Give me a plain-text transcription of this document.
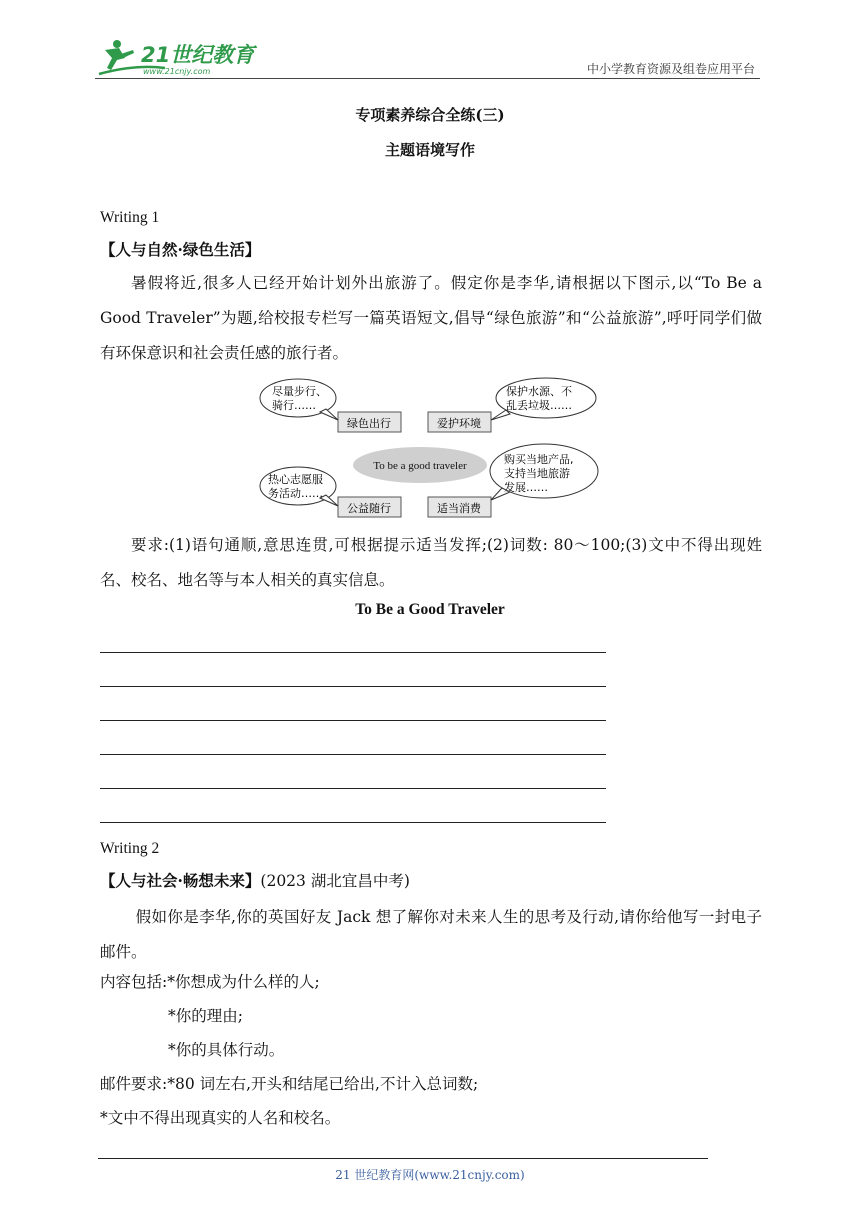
21世纪教育
www.21cnjy.com	中小学教育资源及组卷应用平台
专项素养综合全练(三)
主题语境写作
Writing 1
【人与自然·绿色生活】
暑假将近,很多人已经开始计划外出旅游了。假定你是李华,请根据以下图示,以“To Be a Good Traveler”为题,给校报专栏写一篇英语短文,倡导“绿色旅游”和“公益旅游”,呼吁同学们做有环保意识和社会责任感的旅行者。
To be a good traveler
绿色出行	爱护环境
公益随行	适当消费
尽量步行、
骑行……
保护水源、不
乱丢垃圾……
热心志愿服
务活动……
购买当地产品,
支持当地旅游
发展……
要求:(1)语句通顺,意思连贯,可根据提示适当发挥;(2)词数: 80～100;(3)文中不得出现姓名、校名、地名等与本人相关的真实信息。
To Be a Good Traveler
Writing 2
【人与社会·畅想未来】(2023 湖北宜昌中考)
假如你是李华,你的英国好友 Jack 想了解你对未来人生的思考及行动,请你给他写一封电子邮件。
内容包括:*你想成为什么样的人;
*你的理由;
*你的具体行动。
邮件要求:*80 词左右,开头和结尾已给出,不计入总词数;
*文中不得出现真实的人名和校名。
21 世纪教育网(www.21cnjy.com)
